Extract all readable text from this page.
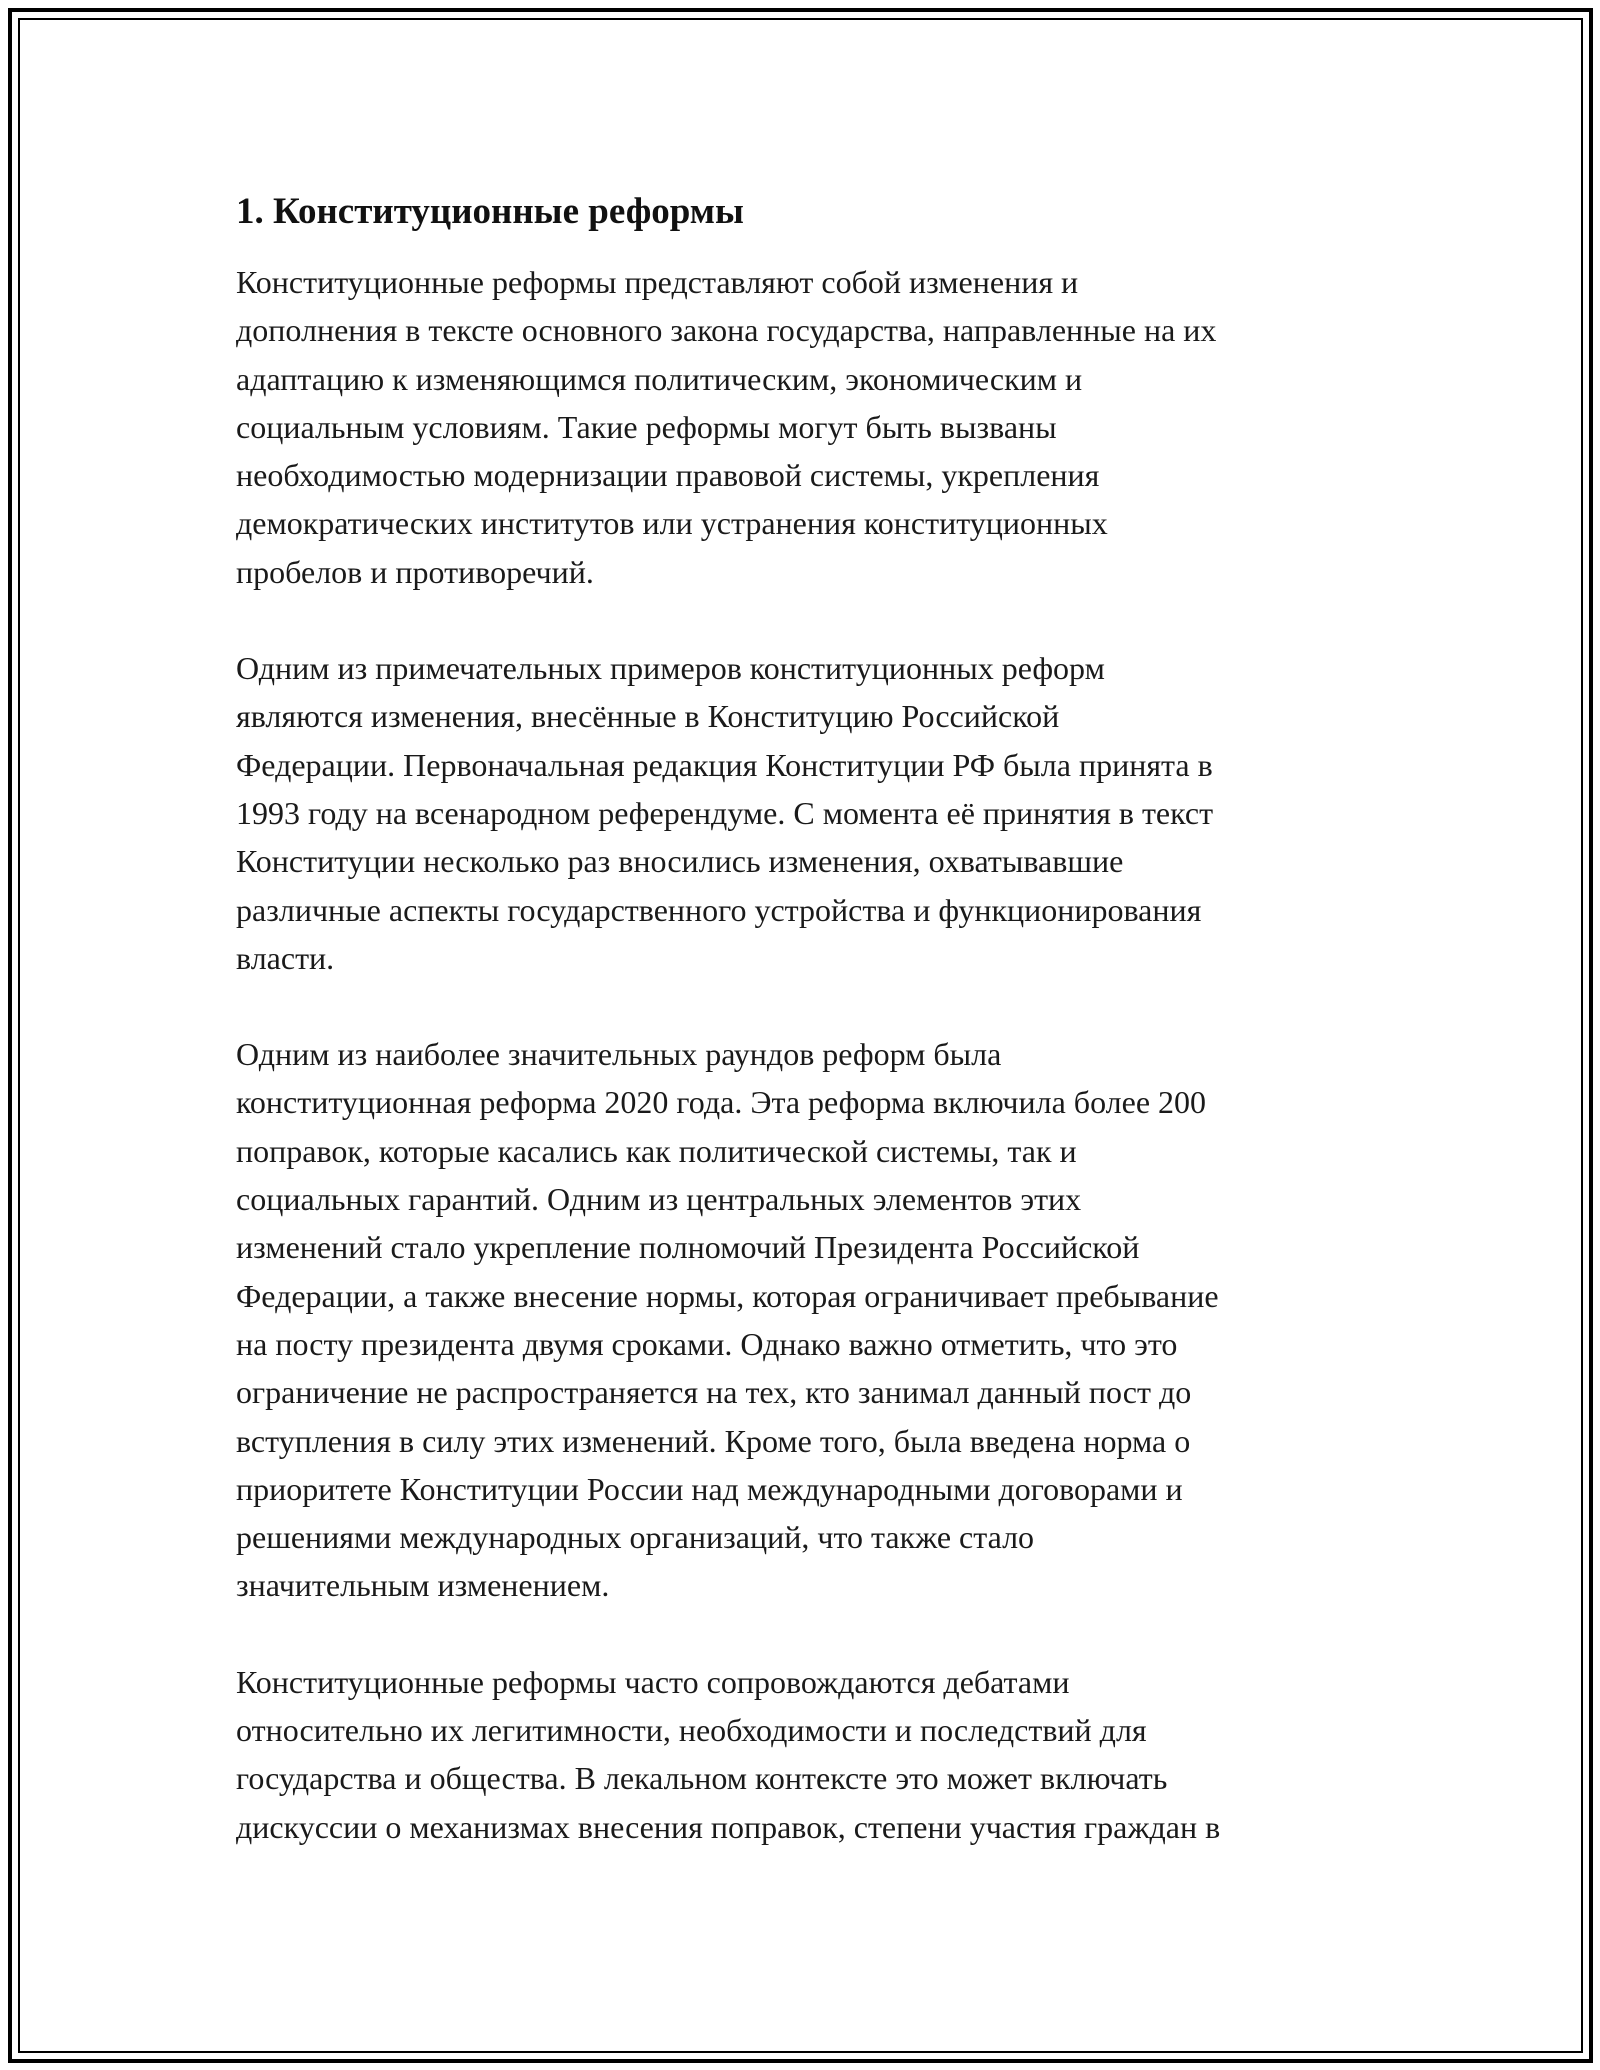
1. Конституционные реформы

Конституционные реформы представляют собой изменения и
дополнения в тексте основного закона государства, направленные на их
адаптацию к изменяющимся политическим, экономическим и
социальным условиям. Такие реформы могут быть вызваны
необходимостью модернизации правовой системы, укрепления
демократических институтов или устранения конституционных
пробелов и противоречий.

Одним из примечательных примеров конституционных реформ
являются изменения, внесённые в Конституцию Российской
Федерации. Первоначальная редакция Конституции РФ была принята в
1993 году на всенародном референдуме. С момента её принятия в текст
Конституции несколько раз вносились изменения, охватывавшие
различные аспекты государственного устройства и функционирования
власти.

Одним из наиболее значительных раундов реформ была
конституционная реформа 2020 года. Эта реформа включила более 200
поправок, которые касались как политической системы, так и
социальных гарантий. Одним из центральных элементов этих
изменений стало укрепление полномочий Президента Российской
Федерации, а также внесение нормы, которая ограничивает пребывание
на посту президента двумя сроками. Однако важно отметить, что это
ограничение не распространяется на тех, кто занимал данный пост до
вступления в силу этих изменений. Кроме того, была введена норма о
приоритете Конституции России над международными договорами и
решениями международных организаций, что также стало
значительным изменением.

Конституционные реформы часто сопровождаются дебатами
относительно их легитимности, необходимости и последствий для
государства и общества. В лекальном контексте это может включать
дискуссии о механизмах внесения поправок, степени участия граждан в
